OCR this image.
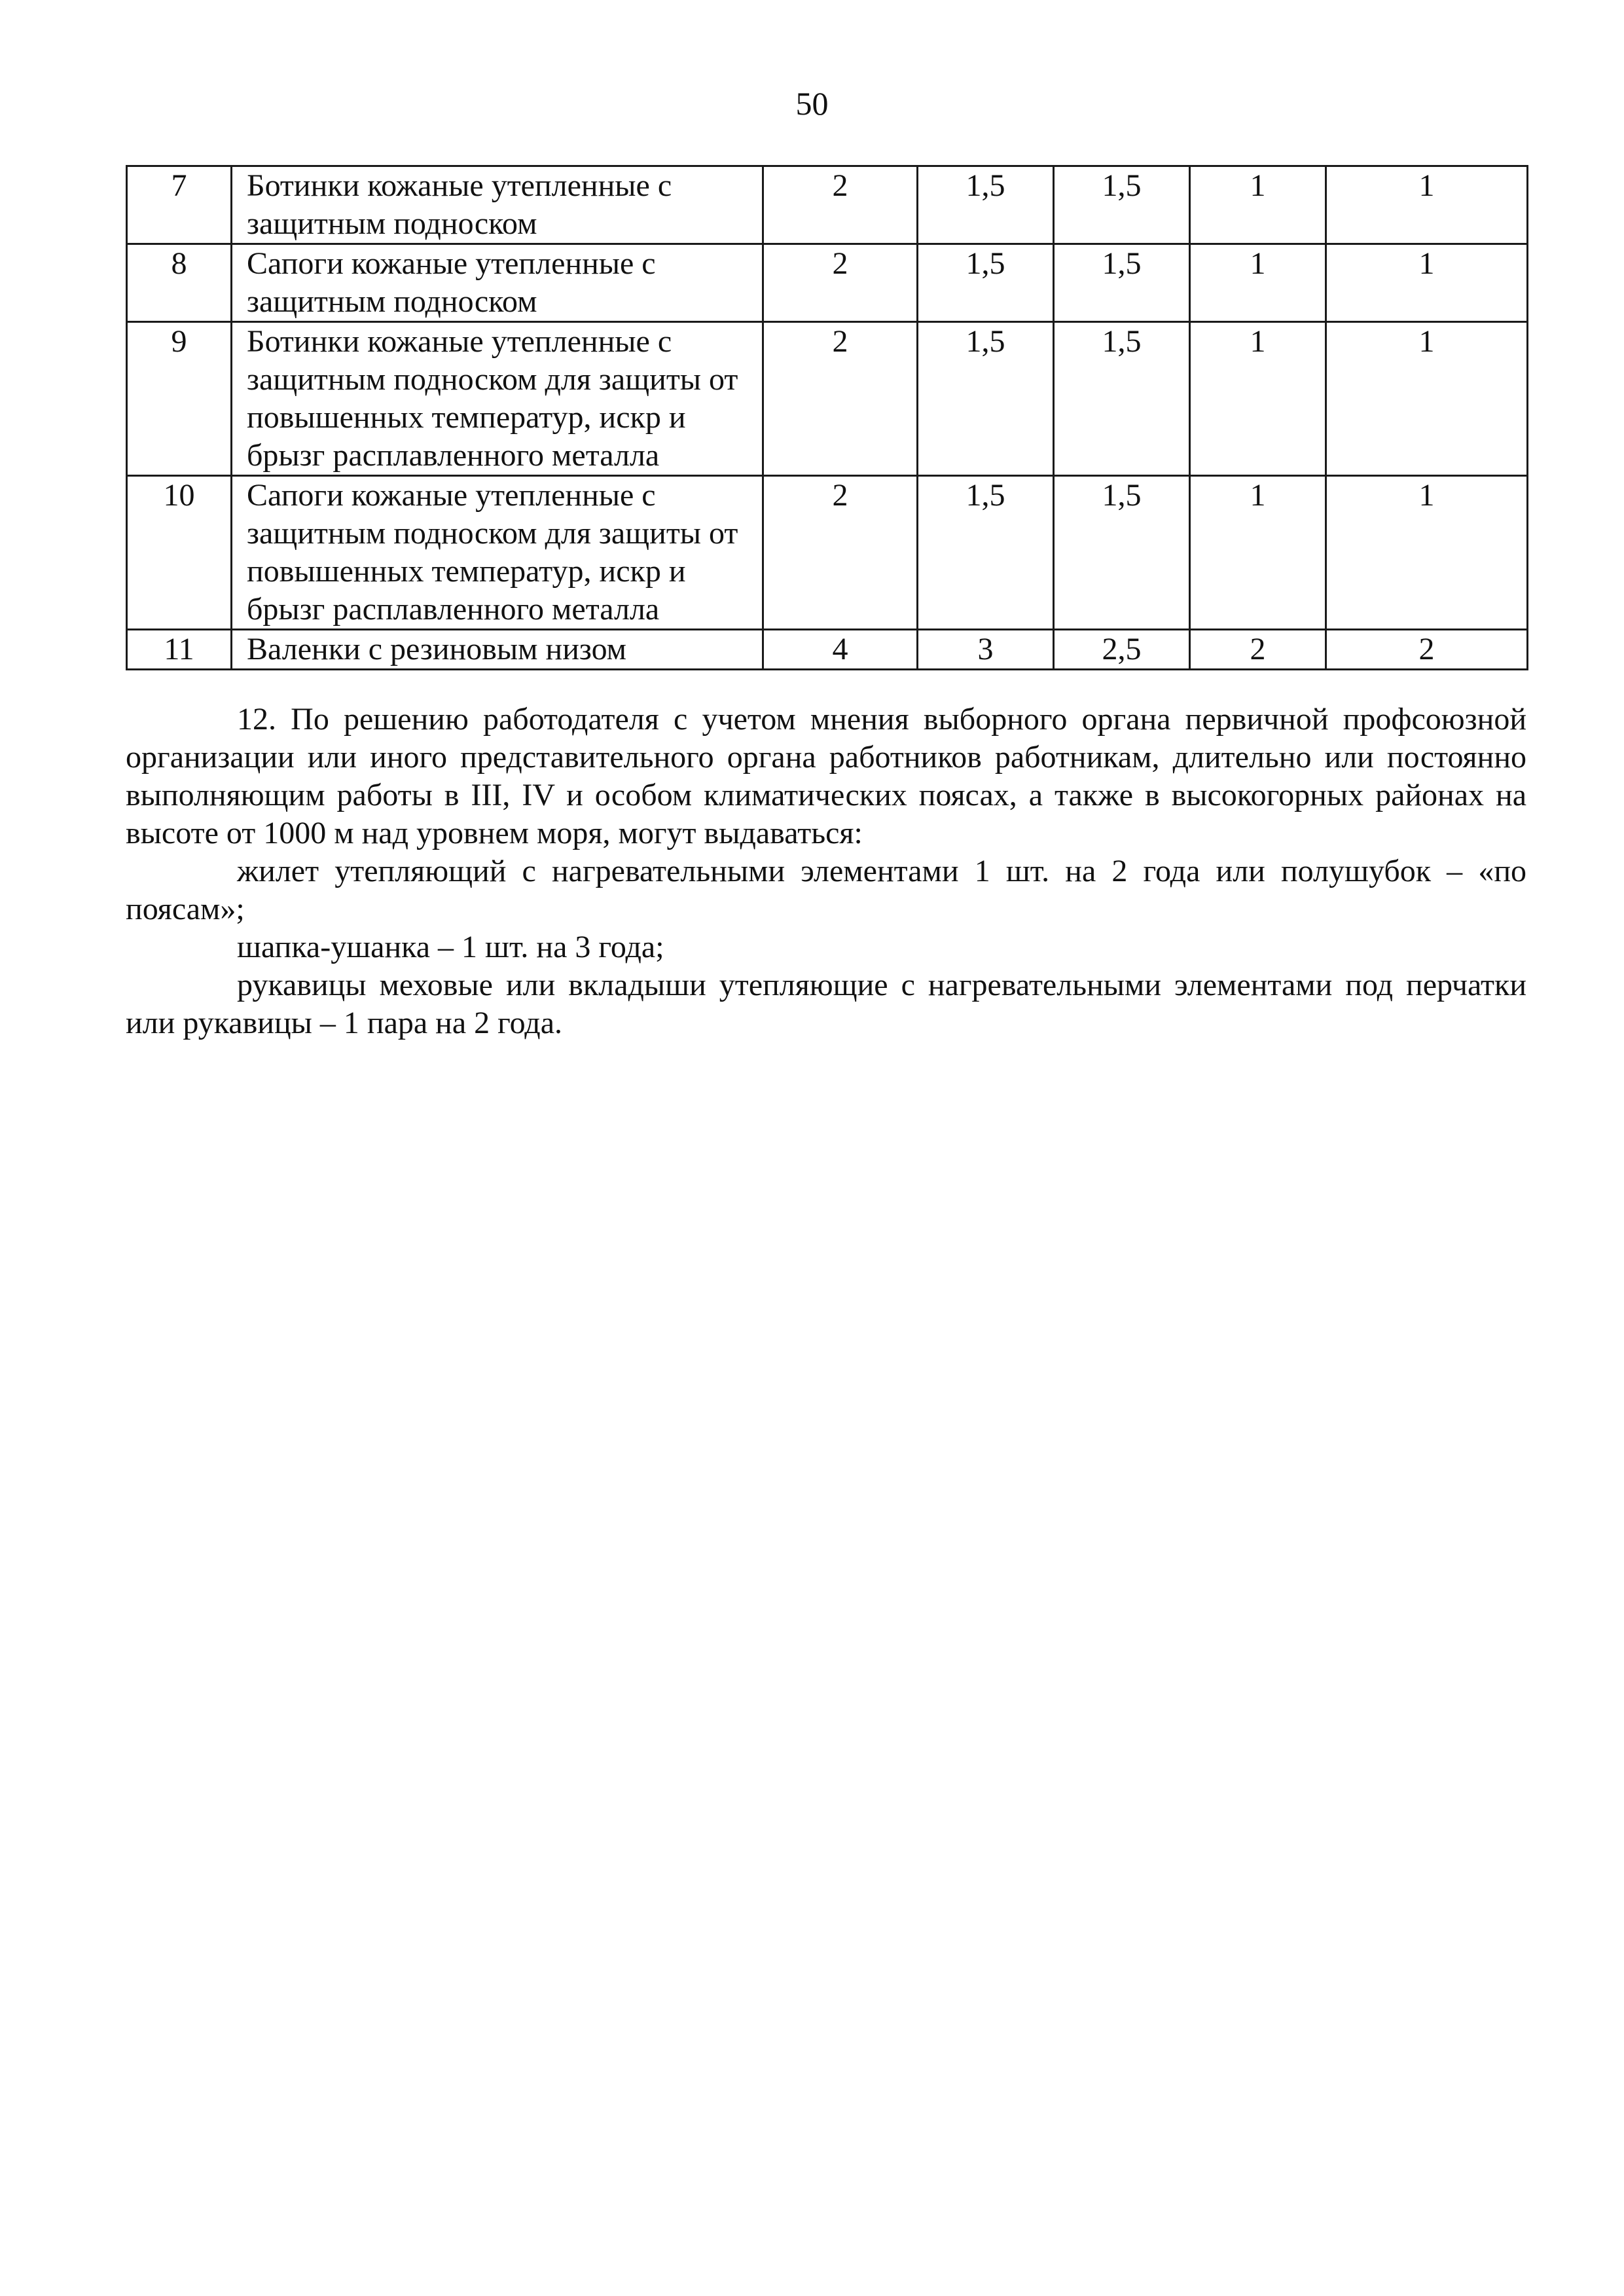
50
7	Ботинки кожаные утепленные с защитным подноском	2	1,5	1,5	1	1
8	Сапоги кожаные утепленные с защитным подноском	2	1,5	1,5	1	1
9	Ботинки кожаные утепленные с защитным подноском для защиты от повышенных температур, искр и брызг расплавленного металла	2	1,5	1,5	1	1
10	Сапоги кожаные утепленные с защитным подноском для защиты от повышенных температур, искр и брызг расплавленного металла	2	1,5	1,5	1	1
11	Валенки с резиновым низом	4	3	2,5	2	2

12. По решению работодателя с учетом мнения выборного органа первичной профсоюзной организации или иного представительного органа работников работникам, длительно или постоянно выполняющим работы в III, IV и особом климатических поясах, а также в высокогорных районах на высоте от 1000 м над уровнем моря, могут выдаваться:

жилет утепляющий с нагревательными элементами 1 шт. на 2 года или полушубок – «по поясам»;

шапка-ушанка – 1 шт. на 3 года;

рукавицы меховые или вкладыши утепляющие с нагревательными элементами под перчатки или рукавицы – 1 пара на 2 года.
